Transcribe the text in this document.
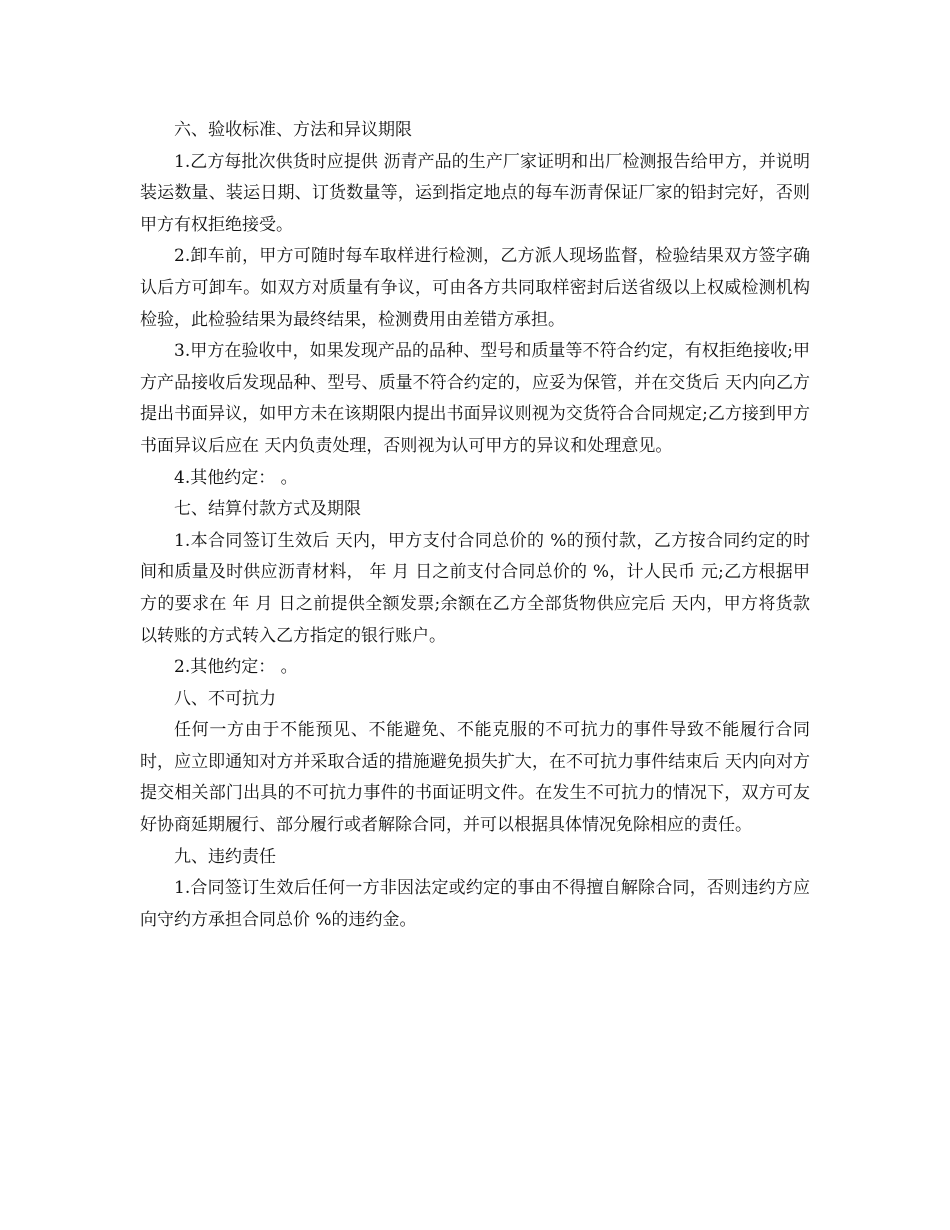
六、验收标准、方法和异议期限

1.乙方每批次供货时应提供 沥青产品的生产厂家证明和出厂检测报告给甲方，并说明装运数量、装运日期、订货数量等，运到指定地点的每车沥青保证厂家的铅封完好，否则甲方有权拒绝接受。

2.卸车前，甲方可随时每车取样进行检测，乙方派人现场监督，检验结果双方签字确认后方可卸车。如双方对质量有争议，可由各方共同取样密封后送省级以上权威检测机构检验，此检验结果为最终结果，检测费用由差错方承担。

3.甲方在验收中，如果发现产品的品种、型号和质量等不符合约定，有权拒绝接收;甲方产品接收后发现品种、型号、质量不符合约定的，应妥为保管，并在交货后 天内向乙方提出书面异议，如甲方未在该期限内提出书面异议则视为交货符合合同规定;乙方接到甲方书面异议后应在 天内负责处理，否则视为认可甲方的异议和处理意见。

4.其他约定： 。

七、结算付款方式及期限

1.本合同签订生效后 天内，甲方支付合同总价的 %的预付款，乙方按合同约定的时间和质量及时供应沥青材料， 年 月 日之前支付合同总价的 %，计人民币 元;乙方根据甲方的要求在 年 月 日之前提供全额发票;余额在乙方全部货物供应完后 天内，甲方将货款以转账的方式转入乙方指定的银行账户。

2.其他约定： 。

八、不可抗力

任何一方由于不能预见、不能避免、不能克服的不可抗力的事件导致不能履行合同时，应立即通知对方并采取合适的措施避免损失扩大，在不可抗力事件结束后 天内向对方提交相关部门出具的不可抗力事件的书面证明文件。在发生不可抗力的情况下，双方可友好协商延期履行、部分履行或者解除合同，并可以根据具体情况免除相应的责任。

九、违约责任

1.合同签订生效后任何一方非因法定或约定的事由不得擅自解除合同，否则违约方应向守约方承担合同总价 %的违约金。
